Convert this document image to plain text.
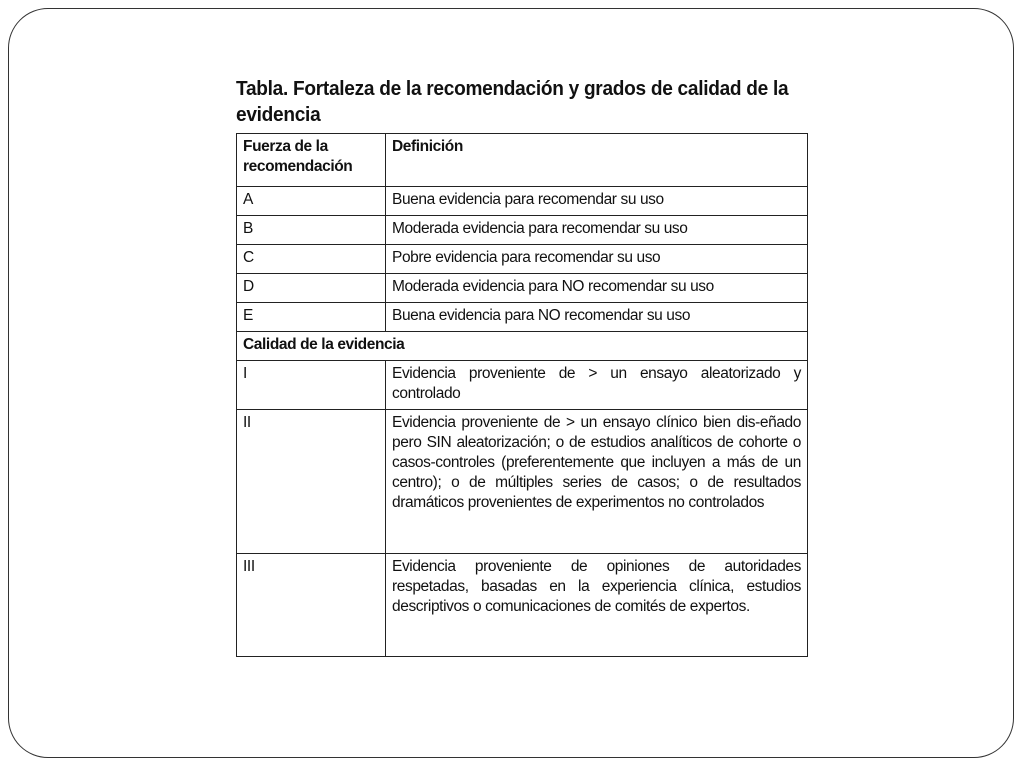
Tabla. Fortaleza de la recomendación y grados de calidad de la evidencia
Fuerza de la recomendación	Definición
A	Buena evidencia para recomendar su uso
B	Moderada evidencia para recomendar su uso
C	Pobre evidencia para recomendar su uso
D	Moderada evidencia para NO recomendar su uso
E	Buena evidencia para NO recomendar su uso
Calidad de la evidencia	
I	Evidencia proveniente de > un ensayo aleatorizado y controlado
II	Evidencia proveniente de > un ensayo clínico bien dis-eñado pero SIN aleatorización; o de estudios analíticos de cohorte o casos-controles (preferentemente que incluyen a más de un centro); o de múltiples series de casos; o de resultados dramáticos provenientes de experimentos no controlados
III	Evidencia proveniente de opiniones de autoridades respetadas, basadas en la experiencia clínica, estudios descriptivos o comunicaciones de comités de expertos.
